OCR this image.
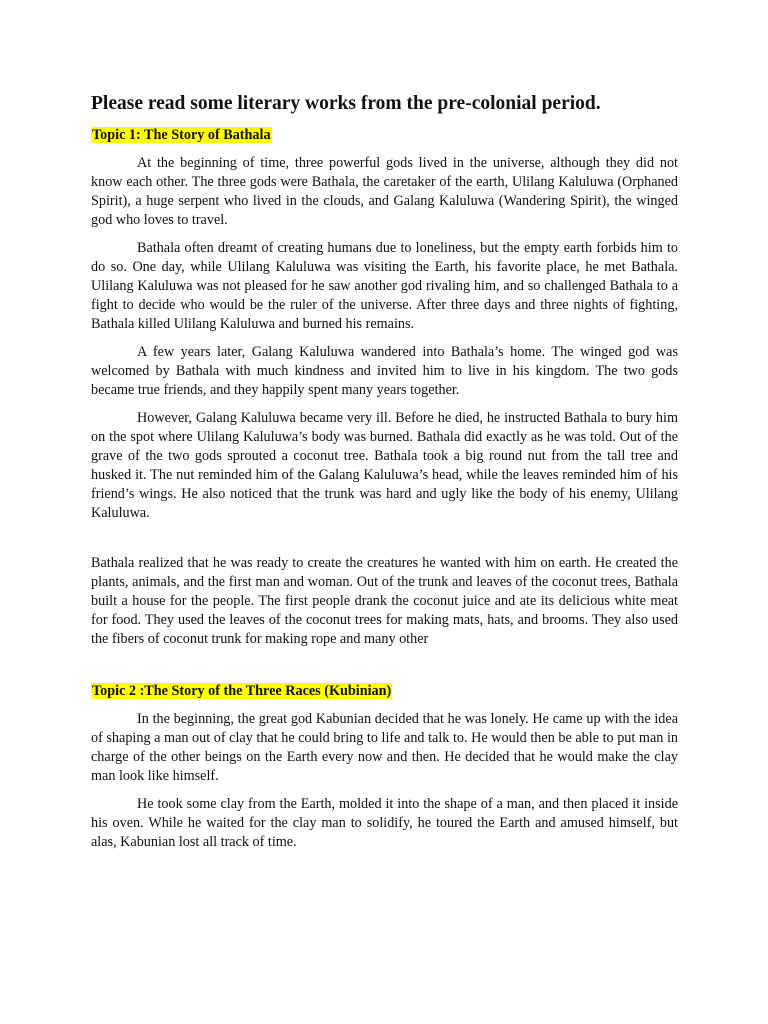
Please read some literary works from the pre-colonial period.
Topic 1: The Story of Bathala

At the beginning of time, three powerful gods lived in the universe, although they did not know each other. The three gods were Bathala, the caretaker of the earth, Ulilang Kaluluwa (Orphaned Spirit), a huge serpent who lived in the clouds, and Galang Kaluluwa (Wandering Spirit), the winged god who loves to travel.

Bathala often dreamt of creating humans due to loneliness, but the empty earth forbids him to do so. One day, while Ulilang Kaluluwa was visiting the Earth, his favorite place, he met Bathala. Ulilang Kaluluwa was not pleased for he saw another god rivaling him, and so challenged Bathala to a fight to decide who would be the ruler of the universe. After three days and three nights of fighting, Bathala killed Ulilang Kaluluwa and burned his remains.

A few years later, Galang Kaluluwa wandered into Bathala’s home. The winged god was welcomed by Bathala with much kindness and invited him to live in his kingdom. The two gods became true friends, and they happily spent many years together.

However, Galang Kaluluwa became very ill. Before he died, he instructed Bathala to bury him on the spot where Ulilang Kaluluwa’s body was burned. Bathala did exactly as he was told. Out of the grave of the two gods sprouted a coconut tree. Bathala took a big round nut from the tall tree and husked it. The nut reminded him of the Galang Kaluluwa’s head, while the leaves reminded him of his friend’s wings. He also noticed that the trunk was hard and ugly like the body of his enemy, Ulilang Kaluluwa.

Bathala realized that he was ready to create the creatures he wanted with him on earth. He created the plants, animals, and the first man and woman. Out of the trunk and leaves of the coconut trees, Bathala built a house for the people. The first people drank the coconut juice and ate its delicious white meat for food. They used the leaves of the coconut trees for making mats, hats, and brooms. They also used the fibers of coconut trunk for making rope and many other

Topic 2 :The Story of the Three Races (Kubinian)

In the beginning, the great god Kabunian decided that he was lonely. He came up with the idea of shaping a man out of clay that he could bring to life and talk to. He would then be able to put man in charge of the other beings on the Earth every now and then. He decided that he would make the clay man look like himself.

He took some clay from the Earth, molded it into the shape of a man, and then placed it inside his oven. While he waited for the clay man to solidify, he toured the Earth and amused himself, but alas, Kabunian lost all track of time.
